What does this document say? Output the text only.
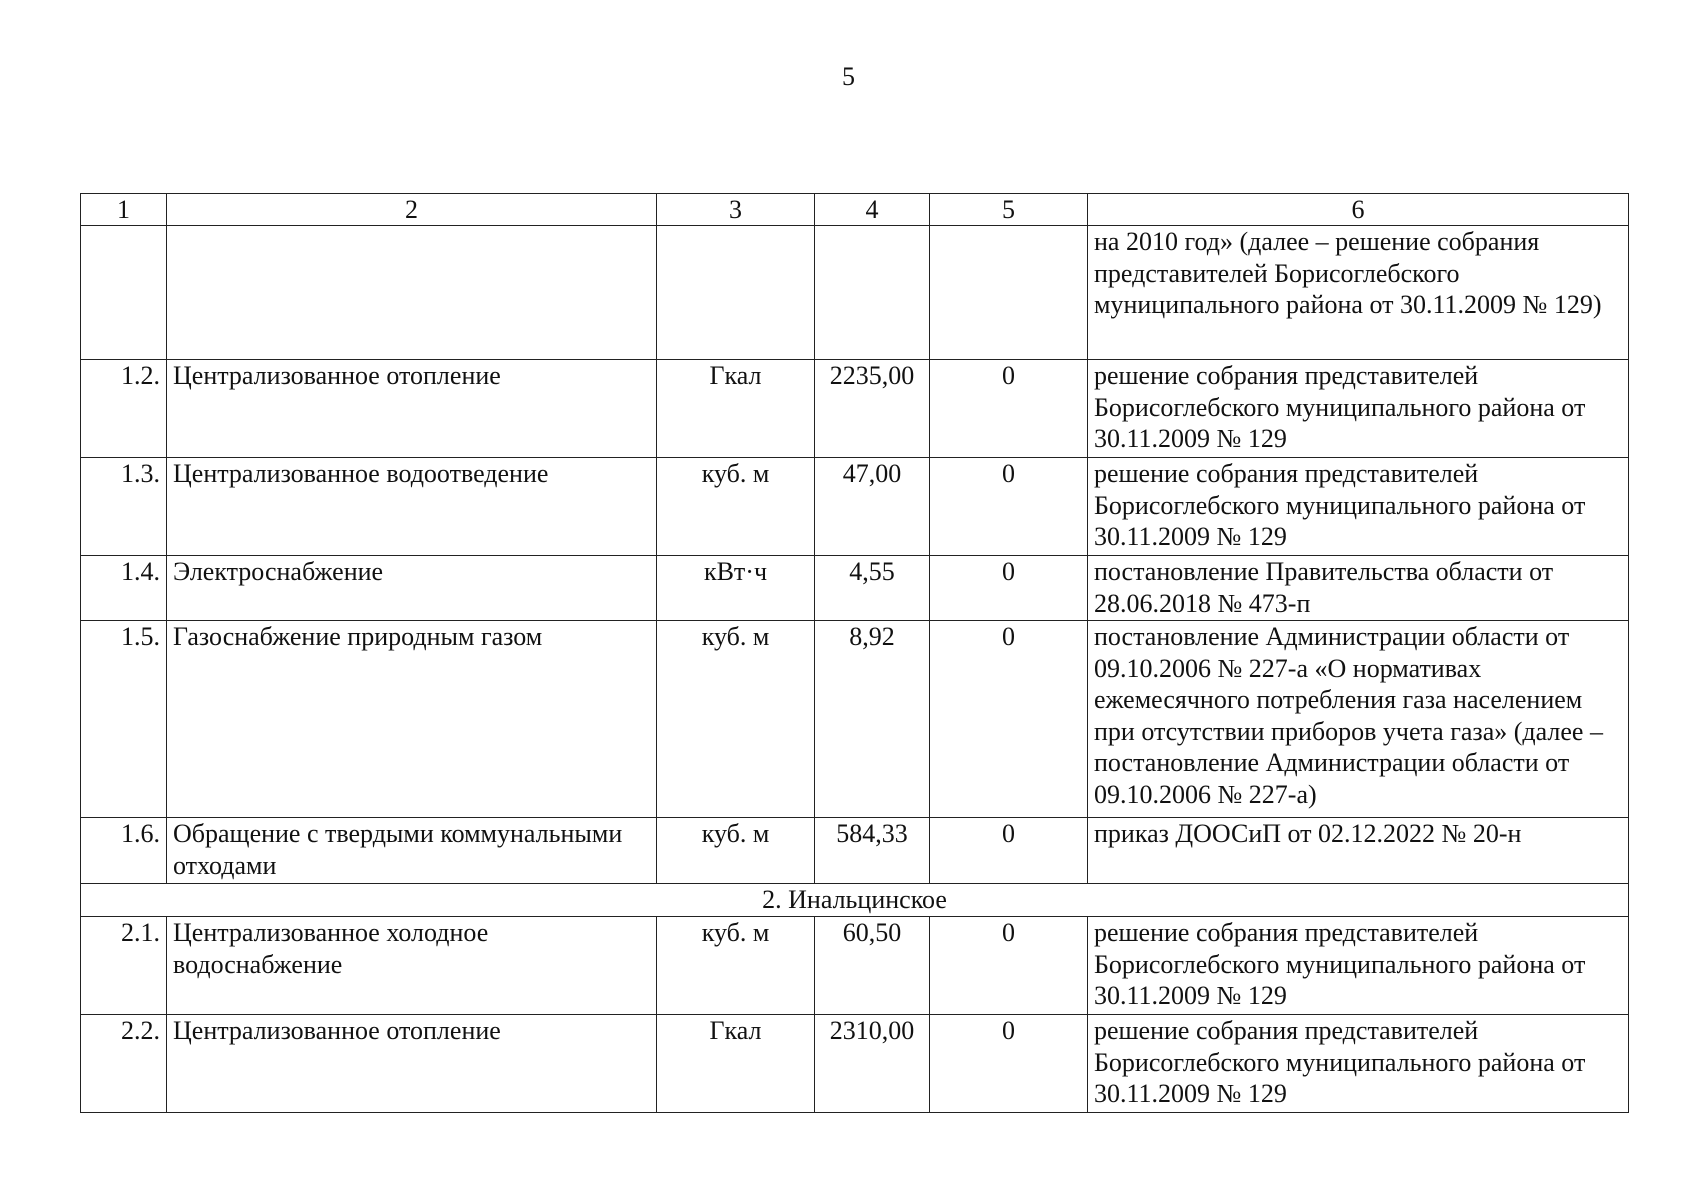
5
1	2	3	4	5	6
					на 2010 год» (далее – решение собрания представителей Борисоглебского муниципального района от 30.11.2009 № 129)
1.2.	Централизованное отопление	Гкал	2235,00	0	решение собрания представителей Борисоглебского муниципального района от 30.11.2009 № 129
1.3.	Централизованное водоотведение	куб. м	47,00	0	решение собрания представителей Борисоглебского муниципального района от 30.11.2009 № 129
1.4.	Электроснабжение	кВт·ч	4,55	0	постановление Правительства области от 28.06.2018 № 473-п
1.5.	Газоснабжение природным газом	куб. м	8,92	0	постановление Администрации области от 09.10.2006 № 227-а «О нормативах ежемесячного потребления газа населением при отсутствии приборов учета газа» (далее – постановление Администрации области от 09.10.2006 № 227-а)
1.6.	Обращение с твердыми коммунальными отходами	куб. м	584,33	0	приказ ДООСиП от 02.12.2022 № 20-н
2. Инальцинское					
2.1.	Централизованное холодное водоснабжение	куб. м	60,50	0	решение собрания представителей Борисоглебского муниципального района от 30.11.2009 № 129
2.2.	Централизованное отопление	Гкал	2310,00	0	решение собрания представителей Борисоглебского муниципального района от 30.11.2009 № 129
